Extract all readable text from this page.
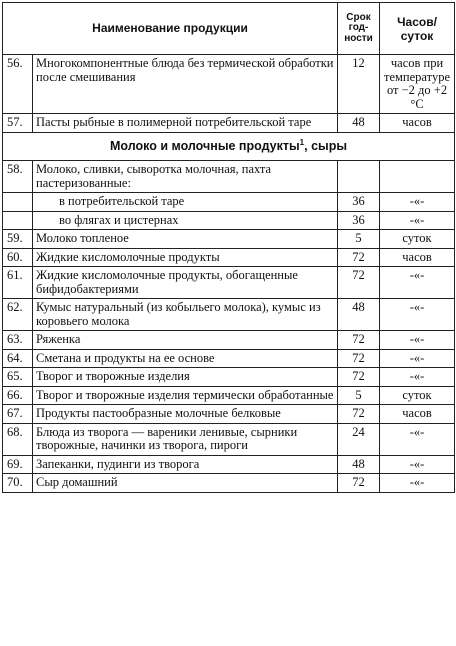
Наименование продукции		Срок год-ности	Часов/ суток
56.	Многокомпонентные блюда без термической обработки после смешивания	12	часов при температуре от −2 до +2 °С
57.	Пасты рыбные в полимерной потребительской таре	48	часов
Молоко и молочные продукты$^1$, сыры			
58.	Молоко, сливки, сыворотка молочная, пахта пастеризованные:		
	в потребительской таре	36	-«-
	во флягах и цистернах	36	-«-
59.	Молоко топленое	5	суток
60.	Жидкие кисломолочные продукты	72	часов
61.	Жидкие кисломолочные продукты, обогащенные бифидобактериями	72	-«-
62.	Кумыс натуральный (из кобыльего молока), кумыс из коровьего молока	48	-«-
63.	Ряженка	72	-«-
64.	Сметана и продукты на ее основе	72	-«-
65.	Творог и творожные изделия	72	-«-
66.	Творог и творожные изделия термически обработанные	5	суток
67.	Продукты пастообразные молочные белковые	72	часов
68.	Блюда из творога — вареники ленивые, сырники творожные, начинки из творога, пироги	24	-«-
69.	Запеканки, пудинги из творога	48	-«-
70.	Сыр домашний	72	-«-
